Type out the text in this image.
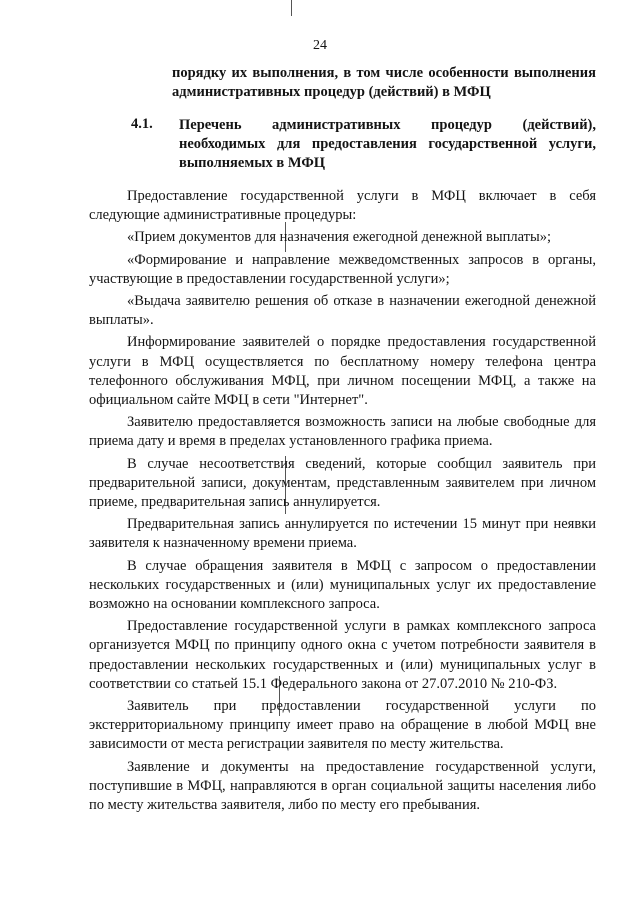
24
порядку их выполнения, в том числе особенности выполнения административных процедур (действий) в МФЦ
4.1. Перечень административных процедур (действий), необходимых для предоставления государственной услуги, выполняемых в МФЦ

Предоставление государственной услуги в МФЦ включает в себя следующие административные процедуры:

«Прием документов для назначения ежегодной денежной выплаты»;

«Формирование и направление межведомственных запросов в органы, участвующие в предоставлении государственной услуги»;

«Выдача заявителю решения об отказе в назначении ежегодной денежной выплаты».

Информирование заявителей о порядке предоставления государственной услуги в МФЦ осуществляется по бесплатному номеру телефона центра телефонного обслуживания МФЦ, при личном посещении МФЦ, а также на официальном сайте МФЦ в сети "Интернет".

Заявителю предоставляется возможность записи на любые свободные для приема дату и время в пределах установленного графика приема.

В случае несоответствия сведений, которые сообщил заявитель при предварительной записи, документам, представленным заявителем при личном приеме, предварительная запись аннулируется.

Предварительная запись аннулируется по истечении 15 минут при неявки заявителя к назначенному времени приема.

В случае обращения заявителя в МФЦ с запросом о предоставлении нескольких государственных и (или) муниципальных услуг их предоставление возможно на основании комплексного запроса.

Предоставление государственной услуги в рамках комплексного запроса организуется МФЦ по принципу одного окна с учетом потребности заявителя в предоставлении нескольких государственных и (или) муниципальных услуг в соответствии со статьей 15.1 Федерального закона от 27.07.2010 № 210-ФЗ.

Заявитель при предоставлении государственной услуги по экстерриториальному принципу имеет право на обращение в любой МФЦ вне зависимости от места регистрации заявителя по месту жительства.

Заявление и документы на предоставление государственной услуги, поступившие в МФЦ, направляются в орган социальной защиты населения либо по месту жительства заявителя, либо по месту его пребывания.
